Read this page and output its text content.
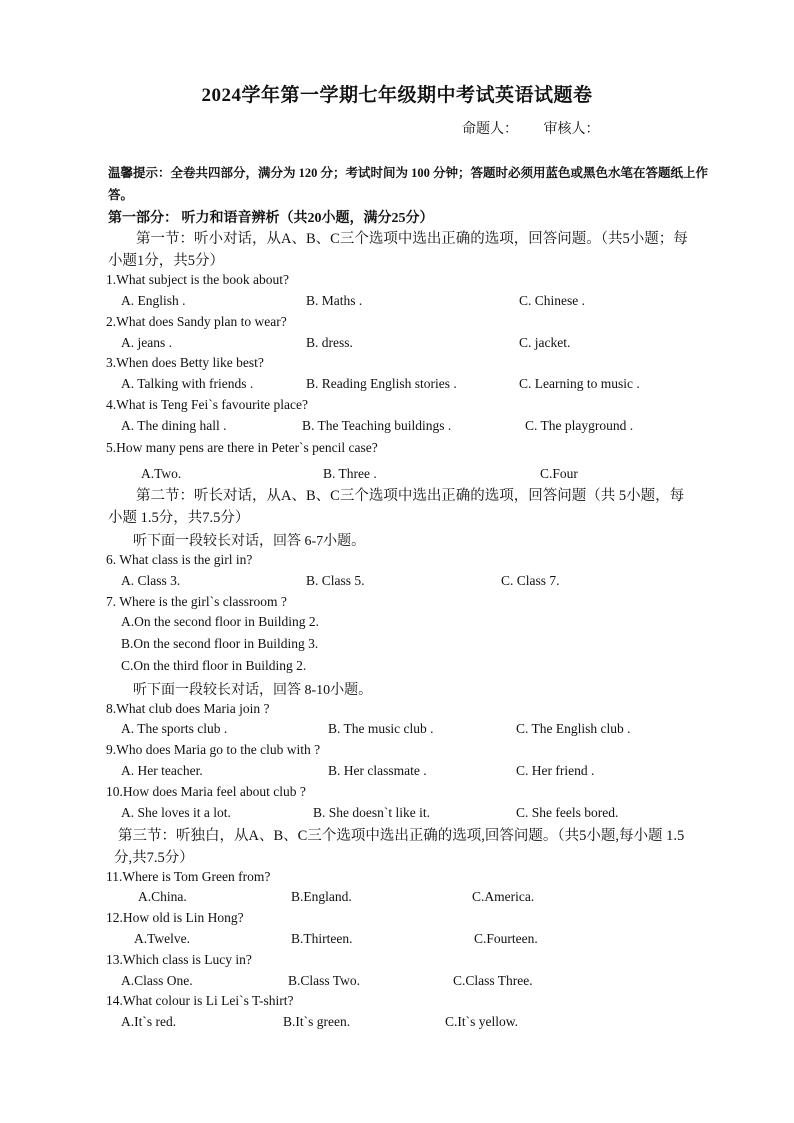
2024学年第一学期七年级期中考试英语试题卷
命题人： 审核人：
温馨提示：全卷共四部分，满分为 120 分；考试时间为 100 分钟；答题时必须用蓝色或黑色水笔在答题纸上作答。
第一部分： 听力和语音辨析（共20小题，满分25分）
第一节：听小对话，从A、B、C三个选项中选出正确的选项，回答问题。（共5小题；每小题1分，共5分）
1.What subject is the book about?
A. English .	B. Maths .	C. Chinese .
2.What does Sandy plan to wear?
A. jeans .	B. dress.	C. jacket.
3.When does Betty like best?
A. Talking with friends .	B. Reading English stories .	C. Learning to music .
4.What is Teng Fei`s favourite place?
A. The dining hall .	B. The Teaching buildings .	C. The playground .
5.How many pens are there in Peter`s pencil case?
A.Two.	B. Three .	C.Four
第二节：听长对话，从A、B、C三个选项中选出正确的选项，回答问题（共 5小题，每小题 1.5分，共7.5分）
听下面一段较长对话，回答 6-7小题。
6. What class is the girl in?
A. Class 3.	B. Class 5.	C. Class 7.
7. Where is the girl`s classroom ?
A.On the second floor in Building 2.
B.On the second floor in Building 3.
C.On the third floor in Building 2.
听下面一段较长对话，回答 8-10小题。
8.What club does Maria join ?
A. The sports club .	B. The music club .	C. The English club .
9.Who does Maria go to the club with ?
A. Her teacher.	B. Her classmate .	C. Her friend .
10.How does Maria feel about club ?
A. She loves it a lot.	B. She doesn`t like it.	C. She feels bored.
第三节：听独白，从A、B、C三个选项中选出正确的选项,回答问题。（共5小题,每小题 1.5分,共7.5分）
11.Where is Tom Green from?
A.China.	B.England.	C.America.
12.How old is Lin Hong?
A.Twelve.	B.Thirteen.	C.Fourteen.
13.Which class is Lucy in?
A.Class One.	B.Class Two.	C.Class Three.
14.What colour is Li Lei`s T-shirt?
A.It`s red.	B.It`s green.	C.It`s yellow.
